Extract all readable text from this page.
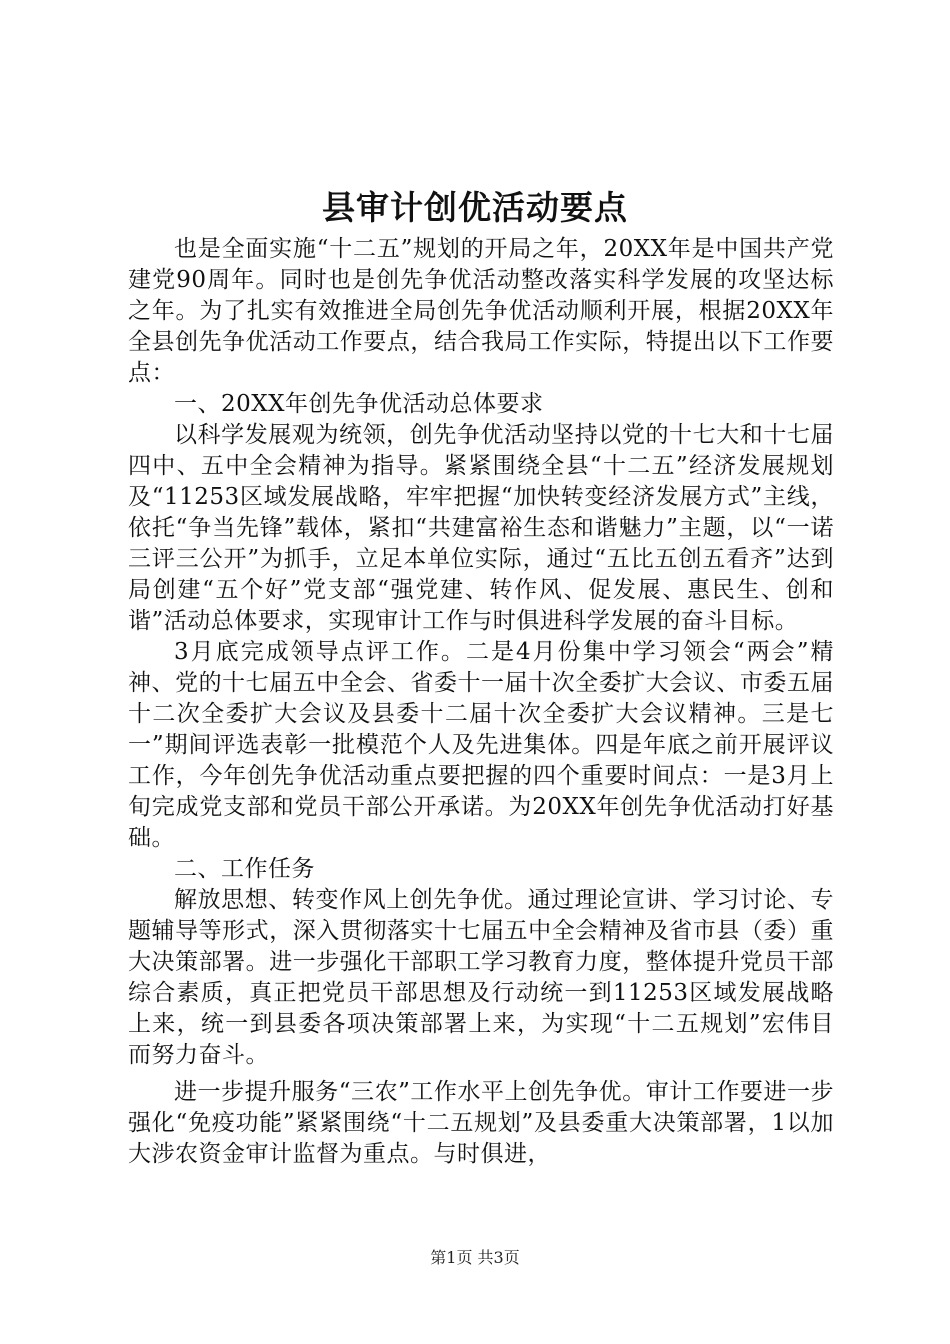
县审计创优活动要点

也是全面实施“十二五”规划的开局之年，20XX年是中国共产党建党90周年。同时也是创先争优活动整改落实科学发展的攻坚达标之年。为了扎实有效推进全局创先争优活动顺利开展，根据20XX年全县创先争优活动工作要点，结合我局工作实际，特提出以下工作要点：

一、20XX年创先争优活动总体要求

以科学发展观为统领，创先争优活动坚持以党的十七大和十七届四中、五中全会精神为指导。紧紧围绕全县“十二五”经济发展规划及“11253区域发展战略，牢牢把握“加快转变经济发展方式”主线，依托“争当先锋”载体，紧扣“共建富裕生态和谐魅力”主题，以“一诺三评三公开”为抓手，立足本单位实际，通过“五比五创五看齐”达到局创建“五个好”党支部“强党建、转作风、促发展、惠民生、创和谐”活动总体要求，实现审计工作与时俱进科学发展的奋斗目标。

3月底完成领导点评工作。二是4月份集中学习领会“两会”精神、党的十七届五中全会、省委十一届十次全委扩大会议、市委五届十二次全委扩大会议及县委十二届十次全委扩大会议精神。三是七一”期间评选表彰一批模范个人及先进集体。四是年底之前开展评议工作，今年创先争优活动重点要把握的四个重要时间点：一是3月上旬完成党支部和党员干部公开承诺。为20XX年创先争优活动打好基础。

二、工作任务

解放思想、转变作风上创先争优。通过理论宣讲、学习讨论、专题辅导等形式，深入贯彻落实十七届五中全会精神及省市县（委）重大决策部署。进一步强化干部职工学习教育力度，整体提升党员干部综合素质，真正把党员干部思想及行动统一到11253区域发展战略上来，统一到县委各项决策部署上来，为实现“十二五规划”宏伟目而努力奋斗。

进一步提升服务“三农”工作水平上创先争优。审计工作要进一步强化“免疫功能”紧紧围绕“十二五规划”及县委重大决策部署，1以加大涉农资金审计监督为重点。与时俱进，

第1页 共3页
